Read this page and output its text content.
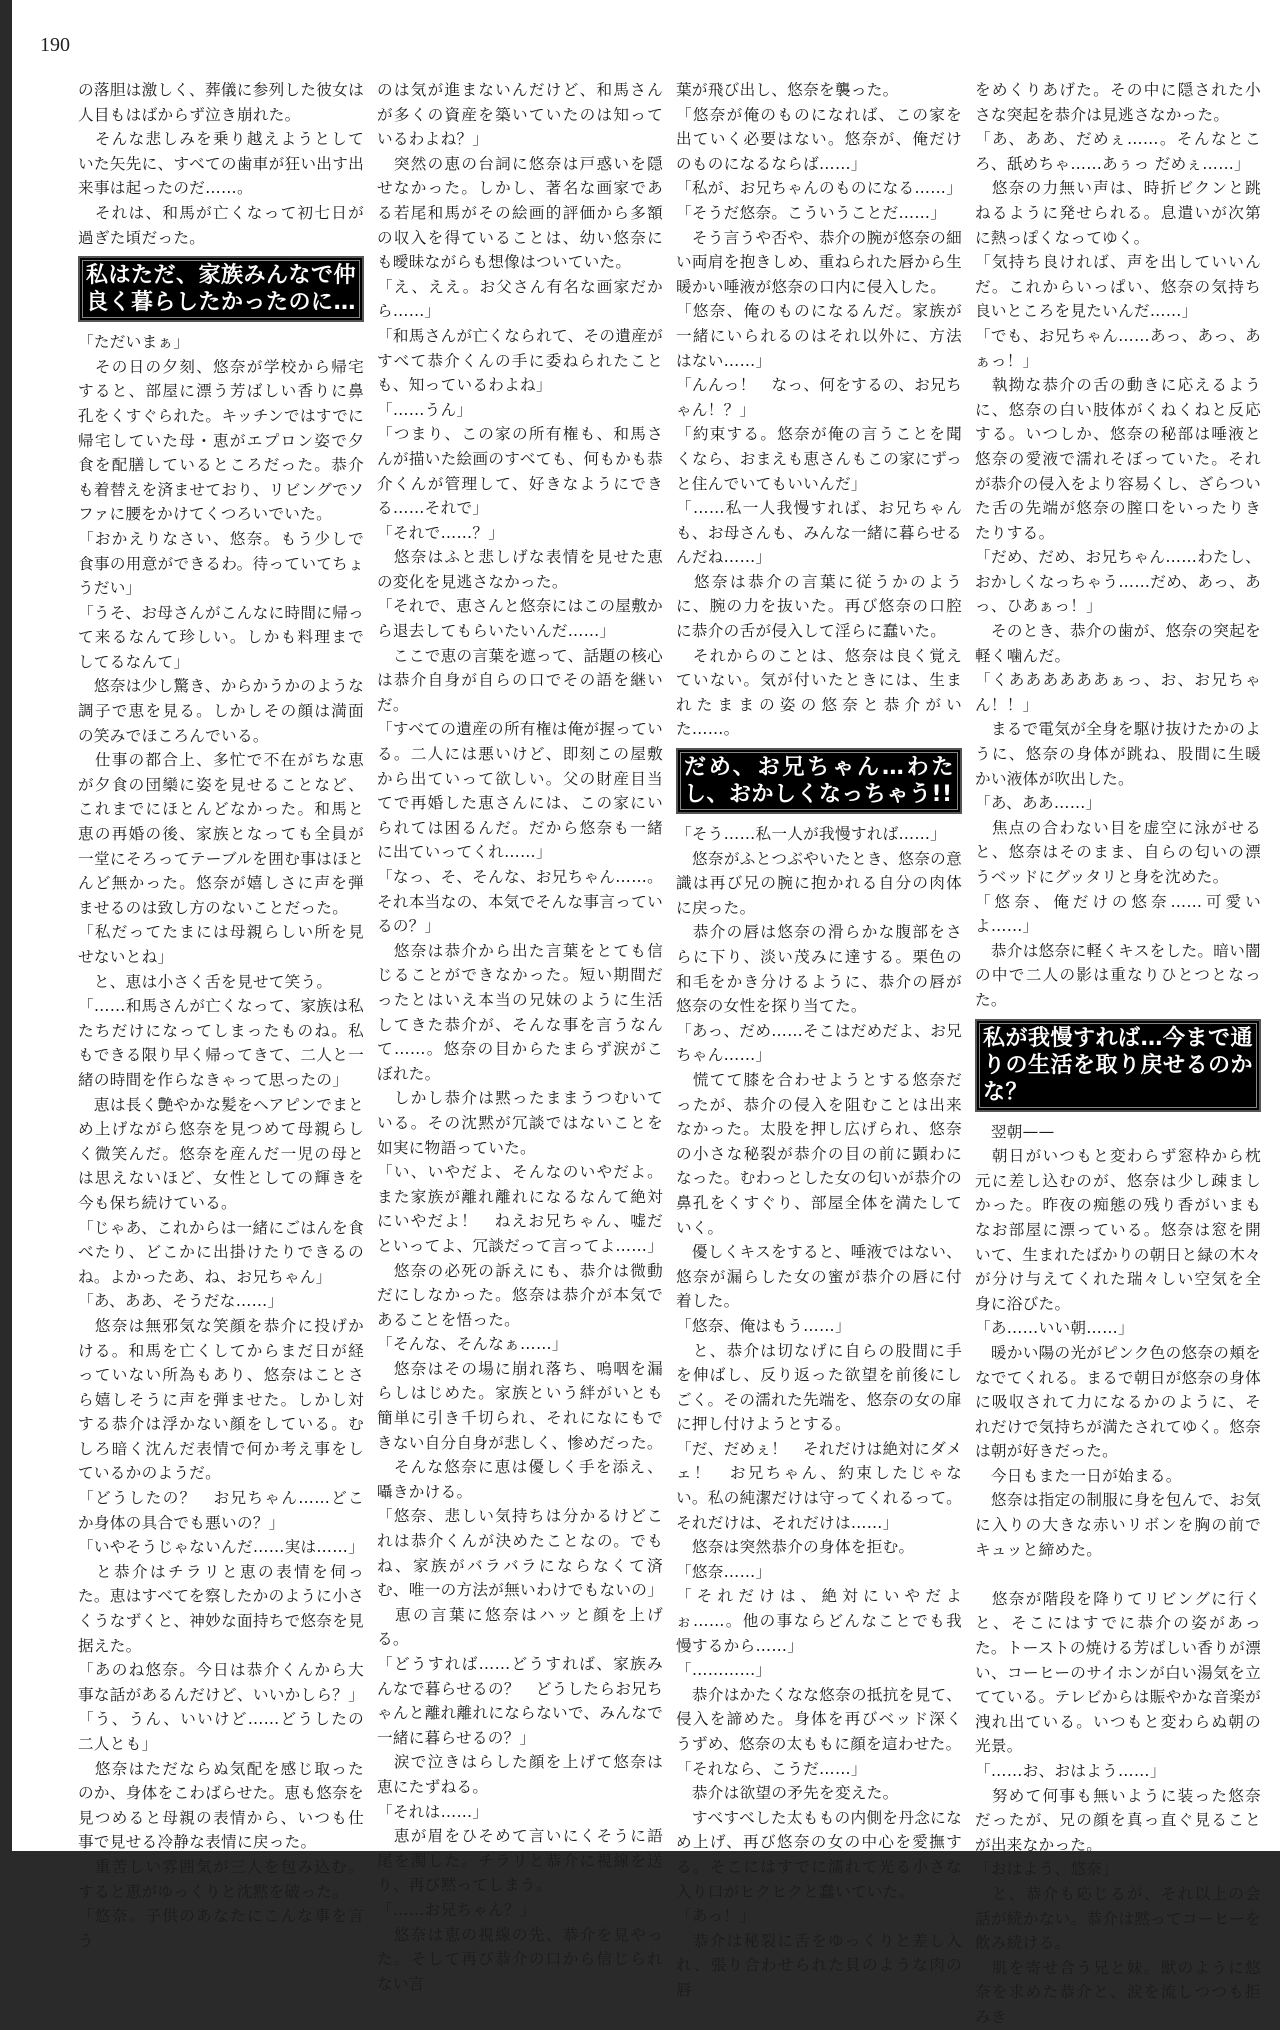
190

の落胆は激しく、葬儀に参列した彼女は人目もはばからず泣き崩れた。

　そんな悲しみを乗り越えようとしていた矢先に、すべての歯車が狂い出す出来事は起ったのだ……。

　それは、和馬が亡くなって初七日が過ぎた頃だった。

私はただ、家族みんなで仲良く暮らしたかったのに…

「ただいまぁ」

　その日の夕刻、悠奈が学校から帰宅すると、部屋に漂う芳ばしい香りに鼻孔をくすぐられた。キッチンではすでに帰宅していた母・恵がエプロン姿で夕食を配膳しているところだった。恭介も着替えを済ませており、リビングでソファに腰をかけてくつろいでいた。

「おかえりなさい、悠奈。もう少しで食事の用意ができるわ。待っていてちょうだい」

「うそ、お母さんがこんなに時間に帰って来るなんて珍しい。しかも料理までしてるなんて」

　悠奈は少し驚き、からかうかのような調子で恵を見る。しかしその顔は満面の笑みでほころんでいる。

　仕事の都合上、多忙で不在がちな恵が夕食の団欒に姿を見せることなど、これまでにほとんどなかった。和馬と恵の再婚の後、家族となっても全員が一堂にそろってテーブルを囲む事はほとんど無かった。悠奈が嬉しさに声を弾ませるのは致し方のないことだった。

「私だってたまには母親らしい所を見せないとね」

　と、恵は小さく舌を見せて笑う。

「……和馬さんが亡くなって、家族は私たちだけになってしまったものね。私もできる限り早く帰ってきて、二人と一緒の時間を作らなきゃって思ったの」

　恵は長く艶やかな髪をヘアピンでまとめ上げながら悠奈を見つめて母親らしく微笑んだ。悠奈を産んだ一児の母とは思えないほど、女性としての輝きを今も保ち続けている。

「じゃあ、これからは一緒にごはんを食べたり、どこかに出掛けたりできるのね。よかったあ、ね、お兄ちゃん」

「あ、ああ、そうだな……」

　悠奈は無邪気な笑顔を恭介に投げかける。和馬を亡くしてからまだ日が経っていない所為もあり、悠奈はことさら嬉しそうに声を弾ませた。しかし対する恭介は浮かない顔をしている。むしろ暗く沈んだ表情で何か考え事をしているかのようだ。

「どうしたの？　お兄ちゃん……どこか身体の具合でも悪いの？」

「いやそうじゃないんだ……実は……」

　と恭介はチラリと恵の表情を伺った。恵はすべてを察したかのように小さくうなずくと、神妙な面持ちで悠奈を見据えた。

「あのね悠奈。今日は恭介くんから大事な話があるんだけど、いいかしら？」

「う、うん、いいけど……どうしたの二人とも」

　悠奈はただならぬ気配を感じ取ったのか、身体をこわばらせた。恵も悠奈を見つめると母親の表情から、いつも仕事で見せる冷静な表情に戻った。

　重苦しい雰囲気が三人を包み込む。すると恵がゆっくりと沈黙を破った。

「悠奈。子供のあなたにこんな事を言う

のは気が進まないんだけど、和馬さんが多くの資産を築いていたのは知っているわよね？」

　突然の恵の台詞に悠奈は戸惑いを隠せなかった。しかし、著名な画家である若尾和馬がその絵画的評価から多額の収入を得ていることは、幼い悠奈にも曖昧ながらも想像はついていた。

「え、ええ。お父さん有名な画家だから……」

「和馬さんが亡くなられて、その遺産がすべて恭介くんの手に委ねられたことも、知っているわよね」

「……うん」

「つまり、この家の所有権も、和馬さんが描いた絵画のすべても、何もかも恭介くんが管理して、好きなようにできる……それで」

「それで……？」

　悠奈はふと悲しげな表情を見せた恵の変化を見逃さなかった。

「それで、恵さんと悠奈にはこの屋敷から退去してもらいたいんだ……」

　ここで恵の言葉を遮って、話題の核心は恭介自身が自らの口でその語を継いだ。

「すべての遺産の所有権は俺が握っている。二人には悪いけど、即刻この屋敷から出ていって欲しい。父の財産目当てで再婚した恵さんには、この家にいられては困るんだ。だから悠奈も一緒に出ていってくれ……」

「なっ、そ、そんな、お兄ちゃん……。それ本当なの、本気でそんな事言っているの？」

　悠奈は恭介から出た言葉をとても信じることができなかった。短い期間だったとはいえ本当の兄妹のように生活してきた恭介が、そんな事を言うなんて……。悠奈の目からたまらず涙がこぼれた。

　しかし恭介は黙ったままうつむいている。その沈黙が冗談ではないことを如実に物語っていた。

「い、いやだよ、そんなのいやだよ。また家族が離れ離れになるなんて絶対にいやだよ！　ねえお兄ちゃん、嘘だといってよ、冗談だって言ってよ……」

　悠奈の必死の訴えにも、恭介は微動だにしなかった。悠奈は恭介が本気であることを悟った。

「そんな、そんなぁ……」

　悠奈はその場に崩れ落ち、嗚咽を漏らしはじめた。家族という絆がいとも簡単に引き千切られ、それになにもできない自分自身が悲しく、惨めだった。

　そんな悠奈に恵は優しく手を添え、囁きかける。

「悠奈、悲しい気持ちは分かるけどこれは恭介くんが決めたことなの。でもね、家族がバラバラにならなくて済む、唯一の方法が無いわけでもないの」

　恵の言葉に悠奈はハッと顔を上げる。

「どうすれば……どうすれば、家族みんなで暮らせるの？　どうしたらお兄ちゃんと離れ離れにならないで、みんなで一緒に暮らせるの？」

　涙で泣きはらした顔を上げて悠奈は恵にたずねる。

「それは……」

　恵が眉をひそめて言いにくそうに語尾を濁した。チラリと恭介に視線を送り、再び黙ってしまう。

「……お兄ちゃん？」

　悠奈は恵の視線の先、恭介を見やった。そして再び恭介の口から信じられない言

葉が飛び出し、悠奈を襲った。

「悠奈が俺のものになれば、この家を出ていく必要はない。悠奈が、俺だけのものになるならば……」

「私が、お兄ちゃんのものになる……」

「そうだ悠奈。こういうことだ……」

　そう言うや否や、恭介の腕が悠奈の細い両肩を抱きしめ、重ねられた唇から生暖かい唾液が悠奈の口内に侵入した。

「悠奈、俺のものになるんだ。家族が一緒にいられるのはそれ以外に、方法はない……」

「んんっ！　なっ、何をするの、お兄ちゃん！？」

「約束する。悠奈が俺の言うことを聞くなら、おまえも恵さんもこの家にずっと住んでいてもいいんだ」

「……私一人我慢すれば、お兄ちゃんも、お母さんも、みんな一緒に暮らせるんだね……」

　悠奈は恭介の言葉に従うかのように、腕の力を抜いた。再び悠奈の口腔に恭介の舌が侵入して淫らに蠢いた。

　それからのことは、悠奈は良く覚えていない。気が付いたときには、生まれたままの姿の悠奈と恭介がいた……。

だめ、お兄ちゃん…わたし、おかしくなっちゃう!!

「そう……私一人が我慢すれば……」

　悠奈がふとつぶやいたとき、悠奈の意識は再び兄の腕に抱かれる自分の肉体に戻った。

　恭介の唇は悠奈の滑らかな腹部をさらに下り、淡い茂みに達する。栗色の和毛をかき分けるように、恭介の唇が悠奈の女性を探り当てた。

「あっ、だめ……そこはだめだよ、お兄ちゃん……」

　慌てて膝を合わせようとする悠奈だったが、恭介の侵入を阻むことは出来なかった。太股を押し広げられ、悠奈の小さな秘裂が恭介の目の前に顕わになった。むわっとした女の匂いが恭介の鼻孔をくすぐり、部屋全体を満たしていく。

　優しくキスをすると、唾液ではない、悠奈が漏らした女の蜜が恭介の唇に付着した。

「悠奈、俺はもう……」

　と、恭介は切なげに自らの股間に手を伸ばし、反り返った欲望を前後にしごく。その濡れた先端を、悠奈の女の扉に押し付けようとする。

「だ、だめぇ！　それだけは絶対にダメェ！　お兄ちゃん、約束したじゃない。私の純潔だけは守ってくれるって。それだけは、それだけは……」

　悠奈は突然恭介の身体を拒む。

「悠奈……」

「それだけは、絶対にいやだよぉ……。他の事ならどんなことでも我慢するから……」

「…………」

　恭介はかたくなな悠奈の抵抗を見て、侵入を諦めた。身体を再びベッド深くうずめ、悠奈の太ももに顔を這わせた。

「それなら、こうだ……」

　恭介は欲望の矛先を変えた。

　すべすべした太ももの内側を丹念になめ上げ、再び悠奈の女の中心を愛撫する。そこにはすでに濡れて光る小さな入り口がヒクヒクと蠢いていた。

「あっ！」

　恭介は秘裂に舌をゆっくりと差し入れ、張り合わせられた貝のような肉の唇

をめくりあげた。その中に隠された小さな突起を恭介は見逃さなかった。

「あ、ああ、だめぇ……。そんなところ、舐めちゃ……あぅっ だめぇ……」

　悠奈の力無い声は、時折ビクンと跳ねるように発せられる。息遣いが次第に熱っぽくなってゆく。

「気持ち良ければ、声を出していいんだ。これからいっぱい、悠奈の気持ち良いところを見たいんだ……」

「でも、お兄ちゃん……あっ、あっ、あぁっ！」

　執拗な恭介の舌の動きに応えるように、悠奈の白い肢体がくねくねと反応する。いつしか、悠奈の秘部は唾液と悠奈の愛液で濡れそぼっていた。それが恭介の侵入をより容易くし、ざらついた舌の先端が悠奈の膣口をいったりきたりする。

「だめ、だめ、お兄ちゃん……わたし、おかしくなっちゃう……だめ、あっ、あっ、ひあぁっ！」

　そのとき、恭介の歯が、悠奈の突起を軽く噛んだ。

「くああああああぁっ、お、お兄ちゃん！！」

　まるで電気が全身を駆け抜けたかのように、悠奈の身体が跳ね、股間に生暖かい液体が吹出した。

「あ、ああ……」

　焦点の合わない目を虚空に泳がせると、悠奈はそのまま、自らの匂いの漂うベッドにグッタリと身を沈めた。

「悠奈、俺だけの悠奈……可愛いよ……」

　恭介は悠奈に軽くキスをした。暗い闇の中で二人の影は重なりひとつとなった。

私が我慢すれば…今まで通りの生活を取り戻せるのかな？

　翌朝——

　朝日がいつもと変わらず窓枠から枕元に差し込むのが、悠奈は少し疎ましかった。昨夜の痴態の残り香がいまもなお部屋に漂っている。悠奈は窓を開いて、生まれたばかりの朝日と緑の木々が分け与えてくれた瑞々しい空気を全身に浴びた。

「あ……いい朝……」

　暖かい陽の光がピンク色の悠奈の頬をなでてくれる。まるで朝日が悠奈の身体に吸収されて力になるかのように、それだけで気持ちが満たされてゆく。悠奈は朝が好きだった。

　今日もまた一日が始まる。

　悠奈は指定の制服に身を包んで、お気に入りの大きな赤いリボンを胸の前でキュッと締めた。

　悠奈が階段を降りてリビングに行くと、そこにはすでに恭介の姿があった。トーストの焼ける芳ばしい香りが漂い、コーヒーのサイホンが白い湯気を立てている。テレビからは賑やかな音楽が洩れ出ている。いつもと変わらぬ朝の光景。

「……お、おはよう……」

　努めて何事も無いように装った悠奈だったが、兄の顔を真っ直ぐ見ることが出来なかった。

「おはよう、悠奈」

　と、恭介も応じるが、それ以上の会話が続かない。恭介は黙ってコーヒーを飲み続ける。

　肌を寄せ合う兄と妹。獣のように悠奈を求めた恭介と、涙を流しつつも拒みき
